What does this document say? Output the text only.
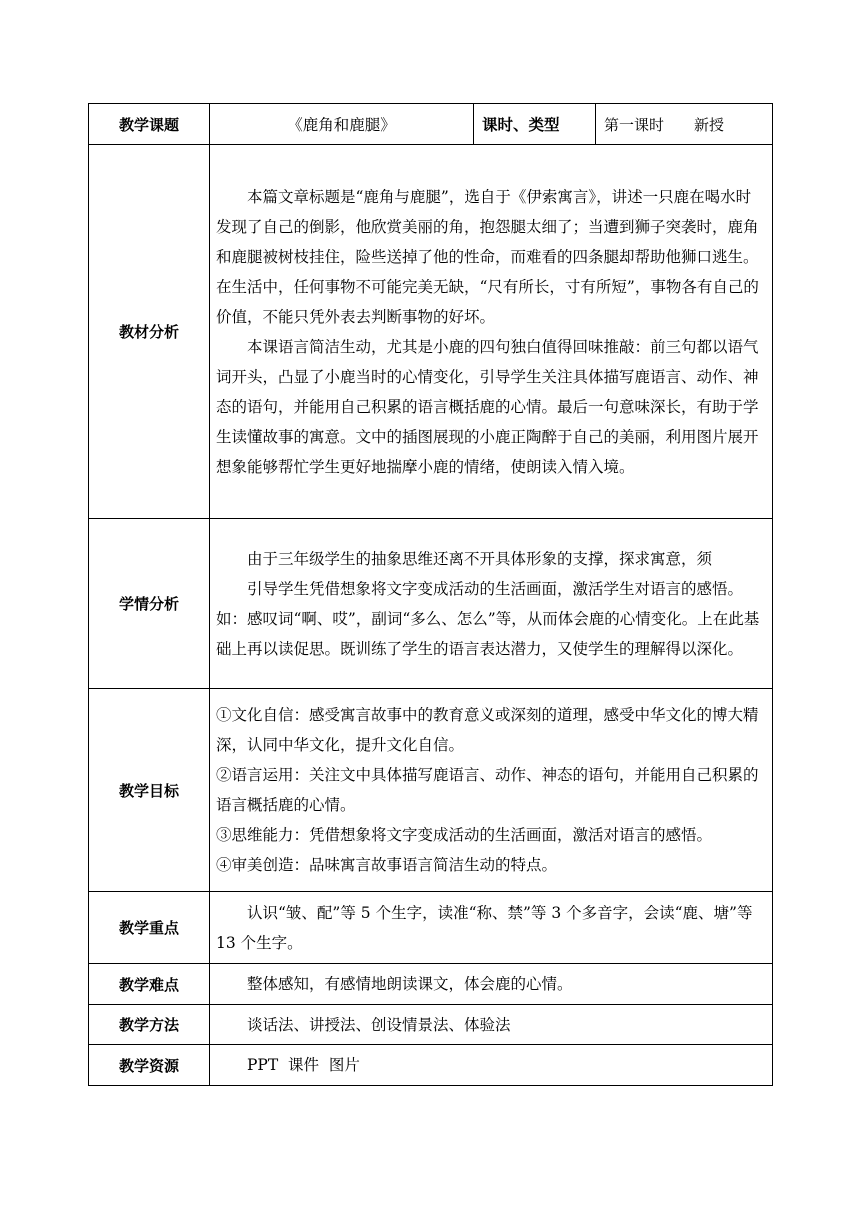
教学课题	《鹿角和鹿腿》	课时、类型	第一课时　　新授
教材分析	本篇文章标题是“鹿角与鹿腿”，选自于《伊索寓言》，讲述一只鹿在喝水时发现了自己的倒影，他欣赏美丽的角，抱怨腿太细了；当遭到狮子突袭时，鹿角和鹿腿被树枝挂住，险些送掉了他的性命，而难看的四条腿却帮助他狮口逃生。在生活中，任何事物不可能完美无缺，“尺有所长，寸有所短”，事物各有自己的价值，不能只凭外表去判断事物的好坏。

本课语言简洁生动，尤其是小鹿的四句独白值得回味推敲：前三句都以语气词开头，凸显了小鹿当时的心情变化，引导学生关注具体描写鹿语言、动作、神态的语句，并能用自己积累的语言概括鹿的心情。最后一句意味深长，有助于学生读懂故事的寓意。文中的插图展现的小鹿正陶醉于自己的美丽，利用图片展开想象能够帮忙学生更好地揣摩小鹿的情绪，使朗读入情入境。		

学情分析	由于三年级学生的抽象思维还离不开具体形象的支撑，探求寓意，须

引导学生凭借想象将文字变成活动的生活画面，激活学生对语言的感悟。如：感叹词“啊、哎”，副词“多么、怎么”等，从而体会鹿的心情变化。上在此基础上再以读促思。既训练了学生的语言表达潜力，又使学生的理解得以深化。		

教学目标	①文化自信：感受寓言故事中的教育意义或深刻的道理，感受中华文化的博大精深，认同中华文化，提升文化自信。

②语言运用：关注文中具体描写鹿语言、动作、神态的语句，并能用自己积累的语言概括鹿的心情。

③思维能力：凭借想象将文字变成活动的生活画面，激活对语言的感悟。

④审美创造：品味寓言故事语言简洁生动的特点。		

教学重点	认识“皱、配”等 5 个生字，读准“称、禁”等 3 个多音字，会读“鹿、塘”等 13 个生字。		

教学难点	整体感知，有感情地朗读课文，体会鹿的心情。		

教学方法	谈话法、讲授法、创设情景法、体验法		

教学资源	PPT  课件  图片		
